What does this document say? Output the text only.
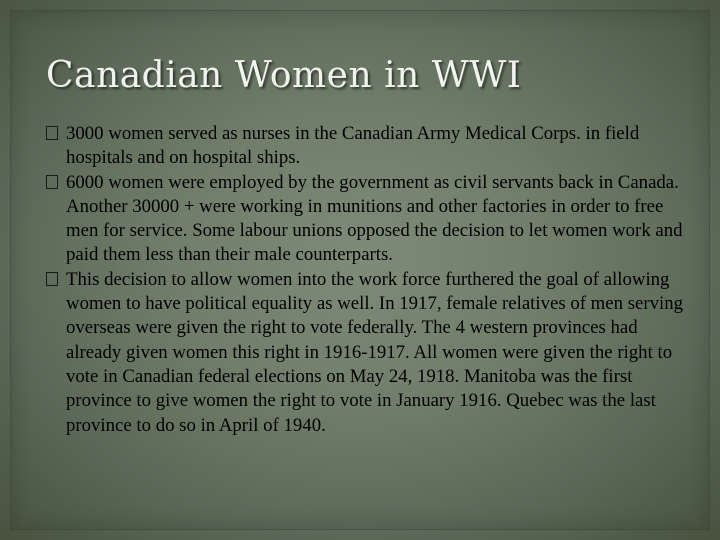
Canadian Women in WWI
3000 women served as nurses in the Canadian Army Medical Corps. in field hospitals and on hospital ships.
6000 women were employed by the government as civil servants back in Canada. Another 30000 + were working in munitions and other factories in order to free men for service. Some labour unions opposed the decision to let women work and paid them less than their male counterparts.
This decision to allow women into the work force furthered the goal of allowing women to have political equality as well. In 1917, female relatives of men serving overseas were given the right to vote federally. The 4 western provinces had already given women this right in 1916-1917. All women were given the right to vote in Canadian federal elections on May 24, 1918. Manitoba was the first province to give women the right to vote in January 1916. Quebec was the last province to do so in April of 1940.
